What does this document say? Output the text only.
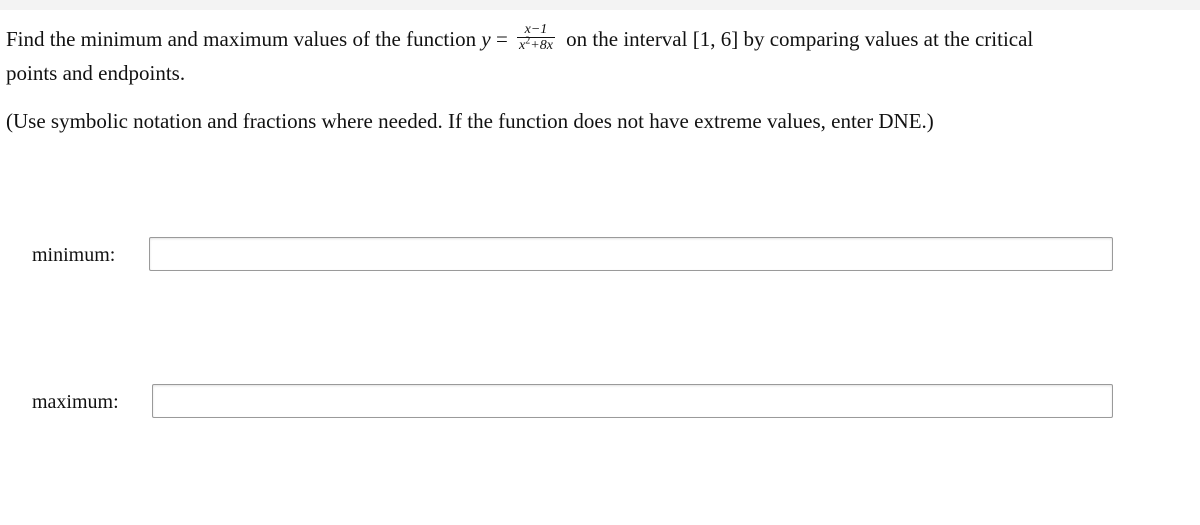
Find the minimum and maximum values of the function $y = \frac{x-1}{x^2+8x}$ on the interval [1, 6] by comparing values at the critical
points and endpoints.
(Use symbolic notation and fractions where needed. If the function does not have extreme values, enter DNE.)
minimum:
maximum:
